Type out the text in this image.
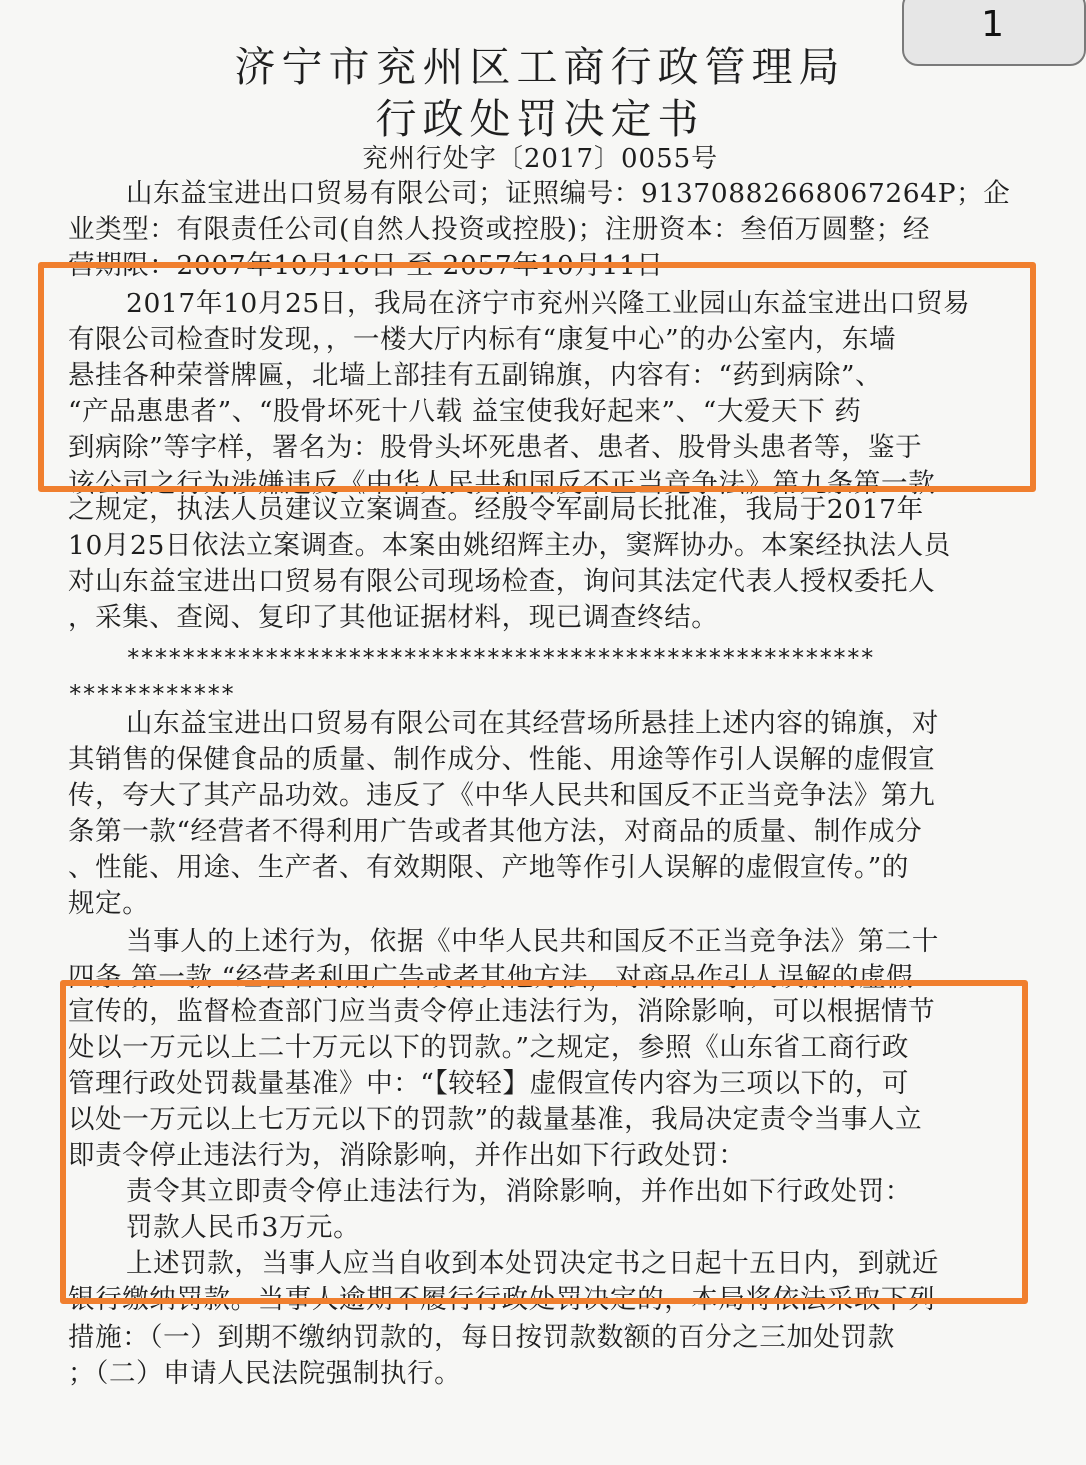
1
济宁市兖州区工商行政管理局
行政处罚决定书
兖州行处字〔2017〕0055号
山东益宝进出口贸易有限公司；证照编号：91370882668067264P；企
业类型：有限责任公司(自然人投资或控股)；注册资本：叁佰万圆整；经
营期限：2007年10月16日 至 2057年10月11日
2017年10月25日，我局在济宁市兖州兴隆工业园山东益宝进出口贸易
有限公司检查时发现，，一楼大厅内标有“康复中心”的办公室内，东墙
悬挂各种荣誉牌匾，北墙上部挂有五副锦旗，内容有：“药到病除”、
“产品惠患者”、“股骨坏死十八载 益宝使我好起来”、“大爱天下 药
到病除”等字样，署名为：股骨头坏死患者、患者、股骨头患者等，鉴于
该公司之行为涉嫌违反《中华人民共和国反不正当竞争法》第九条第一款
之规定，执法人员建议立案调查。经殷令军副局长批准，我局于2017年
10月25日依法立案调查。本案由姚绍辉主办，窦辉协办。本案经执法人员
对山东益宝进出口贸易有限公司现场检查，询问其法定代表人授权委托人
，采集、查阅、复印了其他证据材料，现已调查终结。
******************************************************
************
山东益宝进出口贸易有限公司在其经营场所悬挂上述内容的锦旗，对
其销售的保健食品的质量、制作成分、性能、用途等作引人误解的虚假宣
传，夸大了其产品功效。违反了《中华人民共和国反不正当竞争法》第九
条第一款“经营者不得利用广告或者其他方法，对商品的质量、制作成分
、性能、用途、生产者、有效期限、产地等作引人误解的虚假宣传。”的
规定。
当事人的上述行为，依据《中华人民共和国反不正当竞争法》第二十
四条 第一款 “经营者利用广告或者其他方法，对商品作引人误解的虚假
宣传的，监督检查部门应当责令停止违法行为，消除影响，可以根据情节
处以一万元以上二十万元以下的罚款。”之规定，参照《山东省工商行政
管理行政处罚裁量基准》中：“【较轻】虚假宣传内容为三项以下的，可
以处一万元以上七万元以下的罚款”的裁量基准，我局决定责令当事人立
即责令停止违法行为，消除影响，并作出如下行政处罚：
责令其立即责令停止违法行为，消除影响，并作出如下行政处罚：
罚款人民币3万元。
上述罚款，当事人应当自收到本处罚决定书之日起十五日内，到就近
银行缴纳罚款。当事人逾期不履行行政处罚决定的，本局将依法采取下列
措施：（一）到期不缴纳罚款的，每日按罚款数额的百分之三加处罚款
；（二）申请人民法院强制执行。
